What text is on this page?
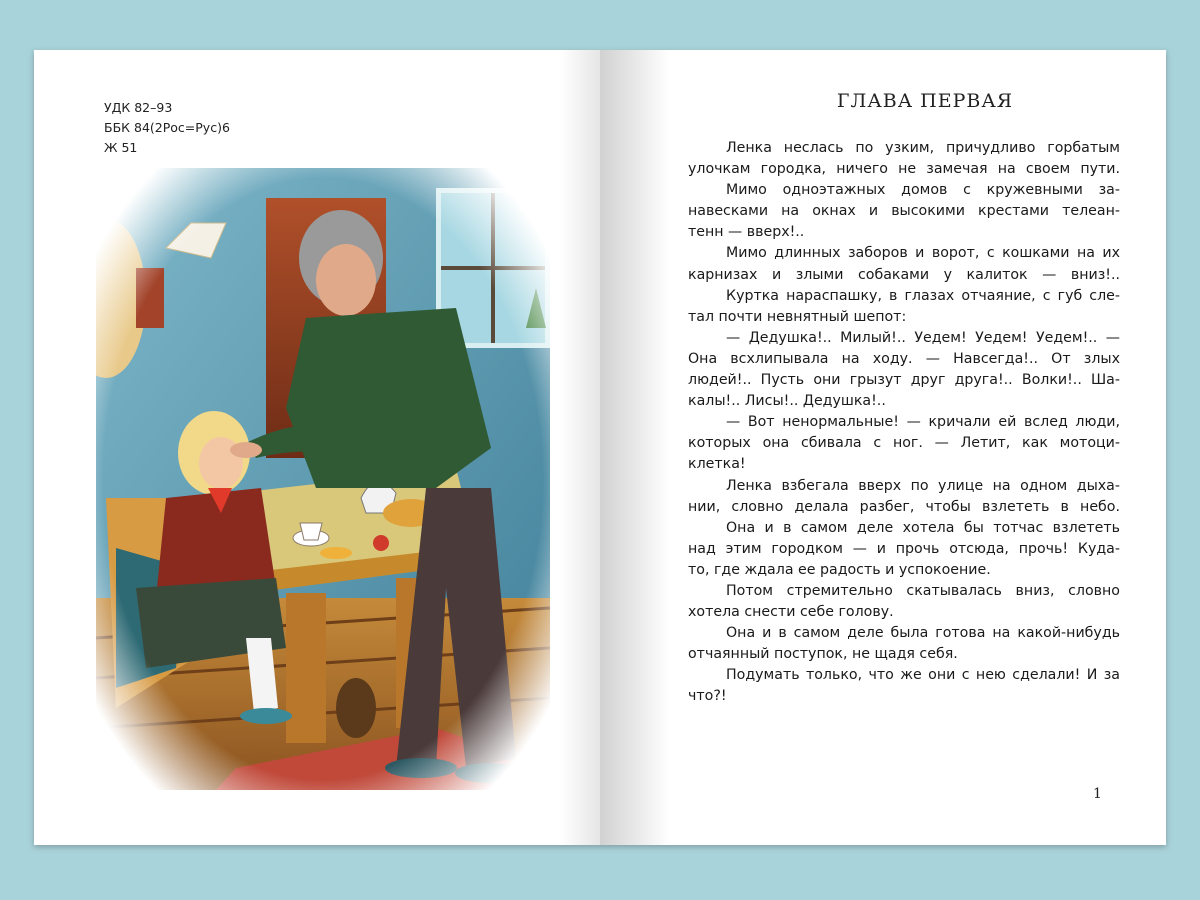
УДК 82–93
ББК 84(2Рос=Рус)6
Ж 51
ГЛАВА ПЕРВАЯ
Ленка неслась по узким, причудливо горбатым
улочкам городка, ничего не замечая на своем пути.
Мимо одноэтажных домов с кружевными за-
навесками на окнах и высокими крестами телеан-
тенн — вверх!..
Мимо длинных заборов и ворот, с кошками на их
карнизах и злыми собаками у калиток — вниз!..
Куртка нараспашку, в глазах отчаяние, с губ сле-
тал почти невнятный шепот:
— Дедушка!.. Милый!.. Уедем! Уедем! Уедем!.. —
Она всхлипывала на ходу. — Навсегда!.. От злых
людей!.. Пусть они грызут друг друга!.. Волки!.. Ша-
калы!.. Лисы!.. Дедушка!..
— Вот ненормальные! — кричали ей вслед люди,
которых она сбивала с ног. — Летит, как мотоци-
клетка!
Ленка взбегала вверх по улице на одном дыха-
нии, словно делала разбег, чтобы взлететь в небо.
Она и в самом деле хотела бы тотчас взлететь
над этим городком — и прочь отсюда, прочь! Куда-
то, где ждала ее радость и успокоение.
Потом стремительно скатывалась вниз, словно
хотела снести себе голову.
Она и в самом деле была готова на какой-нибудь
отчаянный поступок, не щадя себя.
Подумать только, что же они с нею сделали! И за
что?!
1
